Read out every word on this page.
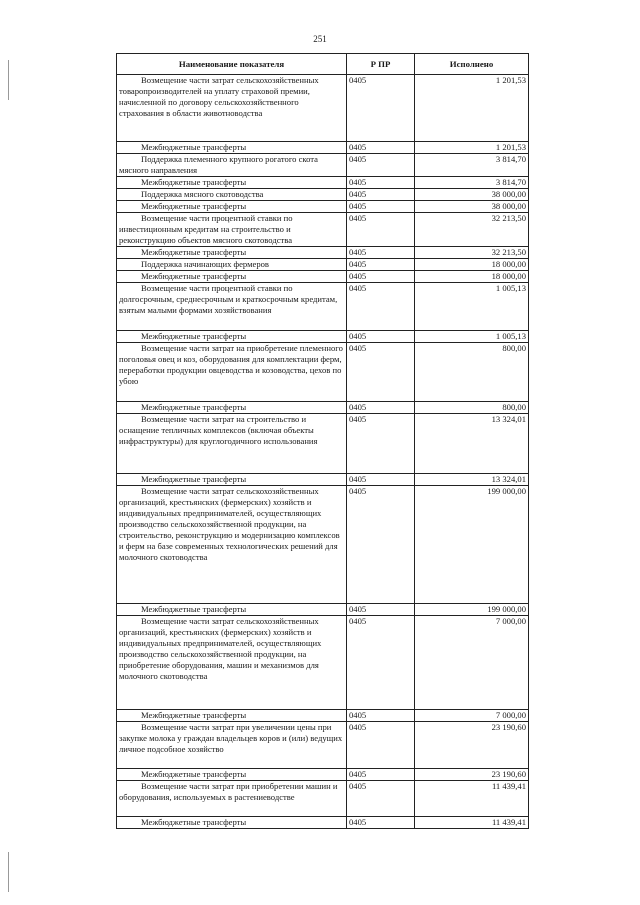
251
Наименование показателя	Р ПР	Исполнено
Возмещение части затрат сельскохозяйственных товаропроизводителей на уплату страховой премии, начисленной по договору сельскохозяйственного страхования в области животноводства	0405	1 201,53
Межбюджетные трансферты	0405	1 201,53
Поддержка племенного крупного рогатого скота мясного направления	0405	3 814,70
Межбюджетные трансферты	0405	3 814,70
Поддержка мясного скотоводства	0405	38 000,00
Межбюджетные трансферты	0405	38 000,00
Возмещение части процентной ставки по инвестиционным кредитам на строительство и реконструкцию объектов мясного скотоводства	0405	32 213,50
Межбюджетные трансферты	0405	32 213,50
Поддержка начинающих фермеров	0405	18 000,00
Межбюджетные трансферты	0405	18 000,00
Возмещение части процентной ставки по долгосрочным, среднесрочным и краткосрочным кредитам, взятым малыми формами хозяйствования	0405	1 005,13
Межбюджетные трансферты	0405	1 005,13
Возмещение части затрат на приобретение племенного поголовья овец и коз, оборудования для комплектации ферм, переработки продукции овцеводства и козоводства, цехов по убою	0405	800,00
Межбюджетные трансферты	0405	800,00
Возмещение части затрат на строительство и оснащение тепличных комплексов (включая объекты инфраструктуры) для круглогодичного использования	0405	13 324,01
Межбюджетные трансферты	0405	13 324,01
Возмещение части затрат сельскохозяйственных организаций, крестьянских (фермерских) хозяйств и индивидуальных предпринимателей, осуществляющих производство сельскохозяйственной продукции, на строительство, реконструкцию и модернизацию комплексов и ферм на базе современных технологических решений для молочного скотоводства	0405	199 000,00
Межбюджетные трансферты	0405	199 000,00
Возмещение части затрат сельскохозяйственных организаций, крестьянских (фермерских) хозяйств и индивидуальных предпринимателей, осуществляющих производство сельскохозяйственной продукции, на приобретение оборудования, машин и механизмов для молочного скотоводства	0405	7 000,00
Межбюджетные трансферты	0405	7 000,00
Возмещение части затрат при увеличении цены при закупке молока у граждан владельцев коров и (или) ведущих личное подсобное хозяйство	0405	23 190,60
Межбюджетные трансферты	0405	23 190,60
Возмещение части затрат при приобретении машин и оборудования, используемых в растениеводстве	0405	11 439,41
Межбюджетные трансферты	0405	11 439,41
